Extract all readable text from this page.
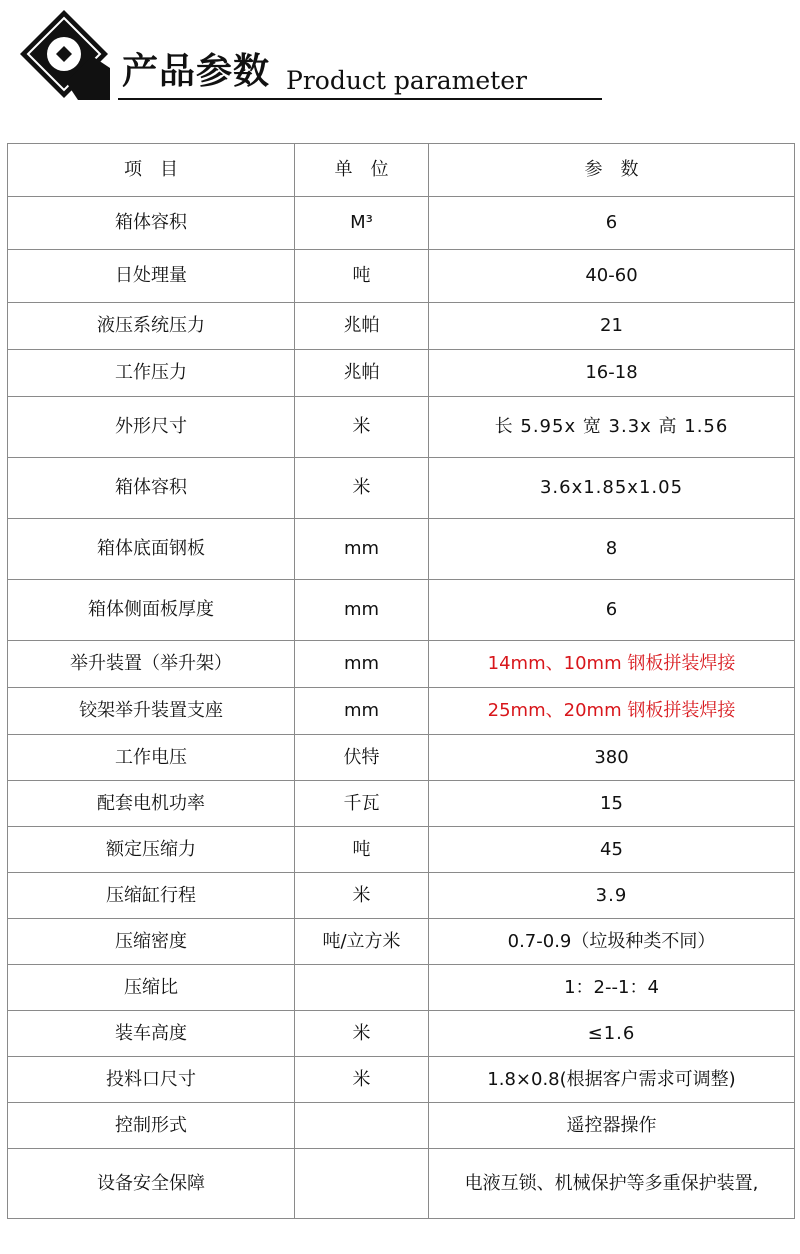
产品参数 Product parameter
项　目	单　位	参　数
箱体容积	M³	6
日处理量	吨	40-60
液压系统压力	兆帕	21
工作压力	兆帕	16-18
外形尺寸	米	长 5.95x 宽 3.3x 高 1.56
箱体容积	米	3.6x1.85x1.05
箱体底面钢板	mm	8
箱体侧面板厚度	mm	6
举升装置（举升架）	mm	14mm、10mm 钢板拼装焊接
铰架举升装置支座	mm	25mm、20mm 钢板拼装焊接
工作电压	伏特	380
配套电机功率	千瓦	15
额定压缩力	吨	45
压缩缸行程	米	3.9
压缩密度	吨/立方米	0.7-0.9（垃圾种类不同）
压缩比		1：2--1：4
装车高度	米	≤1.6
投料口尺寸	米	1.8×0.8(根据客户需求可调整)
控制形式		遥控器操作
设备安全保障		电液互锁、机械保护等多重保护装置,
